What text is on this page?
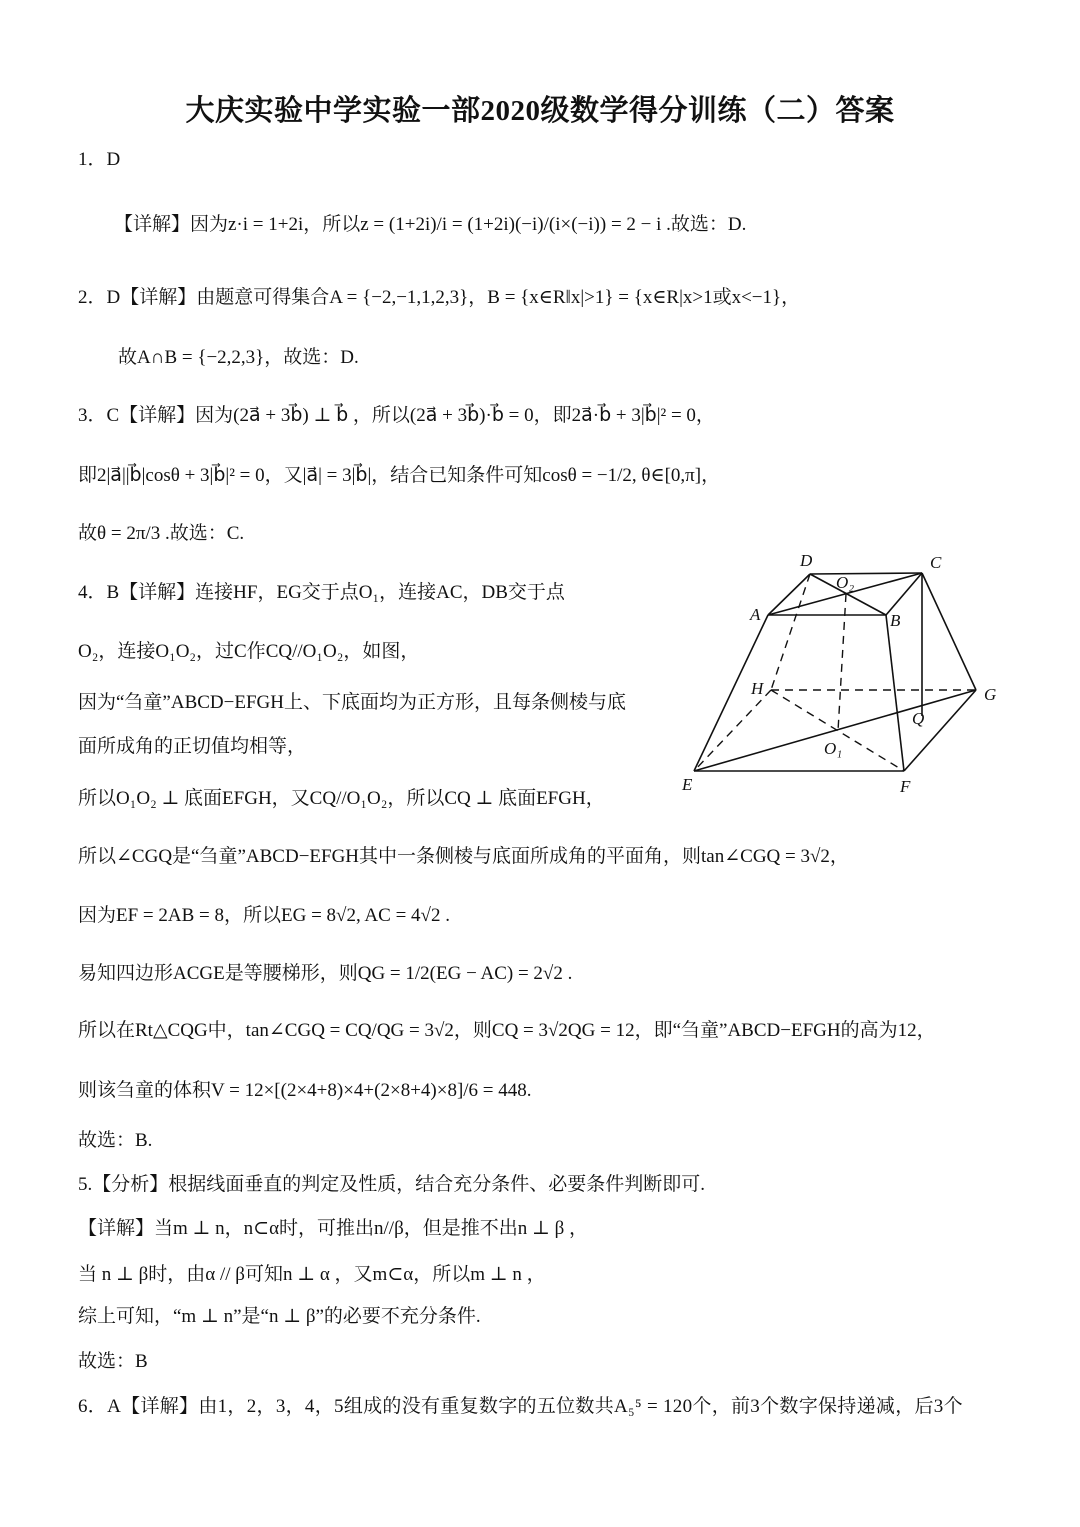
大庆实验中学实验一部2020级数学得分训练（二）答案
1．D
【详解】因为z·i = 1+2i，所以z = (1+2i)/i = (1+2i)(−i)/(i×(−i)) = 2 − i .故选：D.
2．D【详解】由题意可得集合A = {−2,−1,1,2,3}，B = {x∈R‖x|>1} = {x∈R|x>1或x<−1}，
故A∩B = {−2,2,3}，故选：D.
3．C【详解】因为(2a⃗ + 3b⃗) ⊥ b⃗ ，所以(2a⃗ + 3b⃗)·b⃗ = 0，即2a⃗·b⃗ + 3|b⃗|² = 0，
即2|a⃗||b⃗|cosθ + 3|b⃗|² = 0，又|a⃗| = 3|b⃗|，结合已知条件可知cosθ = −1/2, θ∈[0,π]，
故θ = 2π/3 .故选：C.
4．B【详解】连接HF，EG交于点O₁，连接AC，DB交于点
O₂，连接O₁O₂，过C作CQ//O₁O₂，如图，
因为“刍童”ABCD−EFGH上、下底面均为正方形，且每条侧棱与底
面所成角的正切值均相等，
所以O₁O₂ ⊥ 底面EFGH，又CQ//O₁O₂，所以CQ ⊥ 底面EFGH，
所以∠CGQ是“刍童”ABCD−EFGH其中一条侧棱与底面所成角的平面角，则tan∠CGQ = 3√2，
因为EF = 2AB = 8，所以EG = 8√2, AC = 4√2 .
易知四边形ACGE是等腰梯形，则QG = 1/2(EG − AC) = 2√2 .
所以在Rt△CQG中，tan∠CGQ = CQ/QG = 3√2，则CQ = 3√2QG = 12，即“刍童”ABCD−EFGH的高为12，
则该刍童的体积V = 12×[(2×4+8)×4+(2×8+4)×8]/6 = 448.
故选：B.
5.【分析】根据线面垂直的判定及性质，结合充分条件、必要条件判断即可.
【详解】当m ⊥ n，n⊂α时，可推出n//β，但是推不出n ⊥ β ，
当 n ⊥ β时，由α // β可知n ⊥ α ，又m⊂α，所以m ⊥ n ，
综上可知，“m ⊥ n”是“n ⊥ β”的必要不充分条件.
故选：B
6．A【详解】由1，2，3，4，5组成的没有重复数字的五位数共A₅⁵ = 120个，前3个数字保持递减，后3个
D
O₂
C
A	B
H	G
Q
O₁
E	F
